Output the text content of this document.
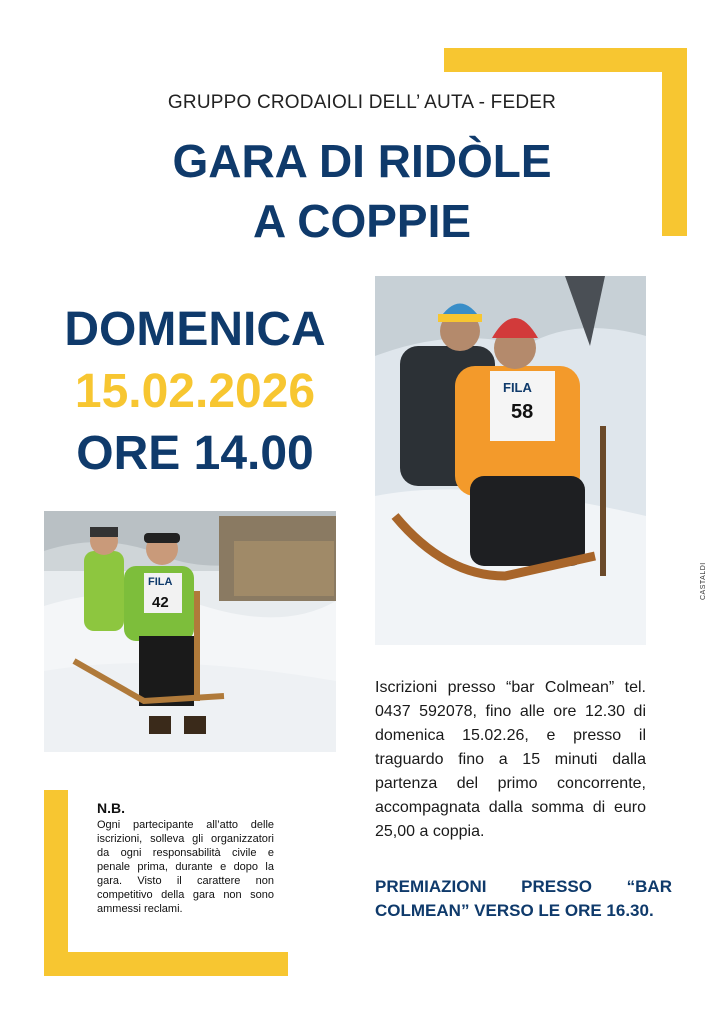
GRUPPO CRODAIOLI DELL’ AUTA - FEDER
GARA DI RIDÒLE
A COPPIE
DOMENICA
15.02.2026
ORE 14.00
FILA
42
FILA
58
N.B.
Ogni partecipante all’atto delle iscrizioni, solleva gli organizzatori da ogni responsabilità civile e penale prima, durante e dopo la gara. Visto il carattere non competitivo della gara non sono ammessi reclami.
Iscrizioni presso “bar Colmean” tel. 0437 592078, fino alle ore 12.30 di domenica 15.02.26, e presso il traguardo fino a 15 minuti dalla partenza del primo concorrente, accompagnata dalla somma di euro 25,00 a coppia.
PREMIAZIONI PRESSO “BAR COLMEAN” VERSO LE ORE 16.30.
CASTALDI
